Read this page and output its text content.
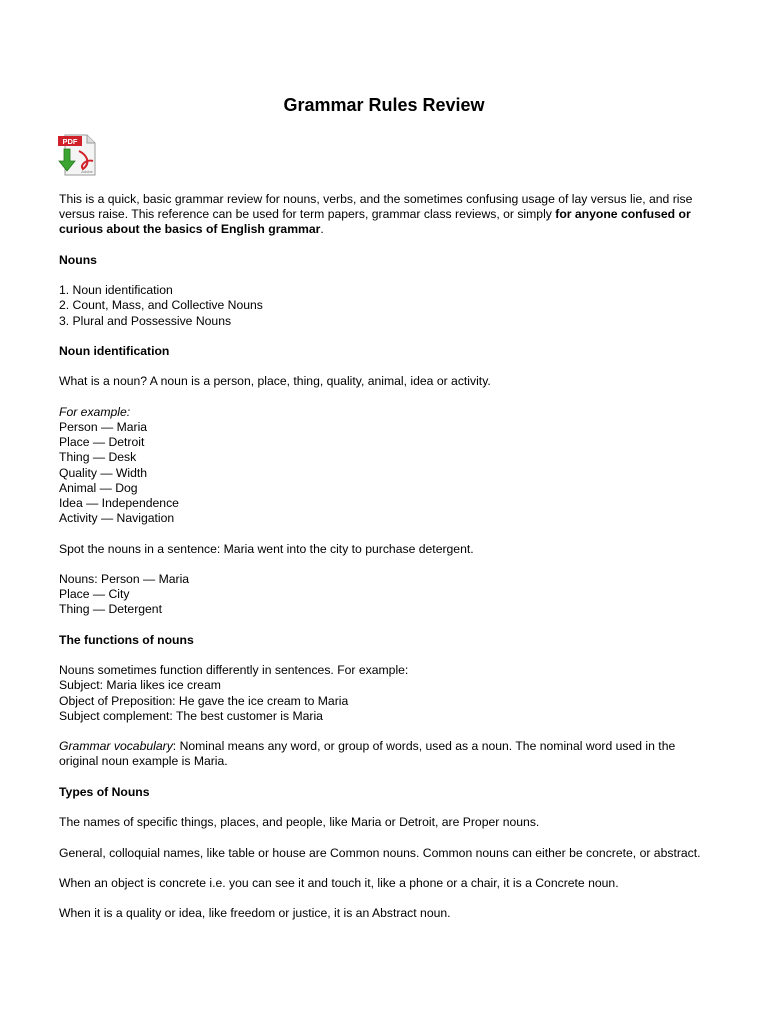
Grammar Rules Review
PDF
Adobe

This is a quick, basic grammar review for nouns, verbs, and the sometimes confusing usage of lay versus lie, and rise versus raise. This reference can be used for term papers, grammar class reviews, or simply for anyone confused or curious about the basics of English grammar.

Nouns

1. Noun identification
2. Count, Mass, and Collective Nouns
3. Plural and Possessive Nouns

Noun identification

What is a noun? A noun is a person, place, thing, quality, animal, idea or activity.

For example:
Person — Maria
Place — Detroit
Thing — Desk
Quality — Width
Animal — Dog
Idea — Independence
Activity — Navigation

Spot the nouns in a sentence: Maria went into the city to purchase detergent.

Nouns: Person — Maria
Place — City
Thing — Detergent

The functions of nouns

Nouns sometimes function differently in sentences. For example:
Subject: Maria likes ice cream
Object of Preposition: He gave the ice cream to Maria
Subject complement: The best customer is Maria

Grammar vocabulary: Nominal means any word, or group of words, used as a noun. The nominal word used in the original noun example is Maria.

Types of Nouns

The names of specific things, places, and people, like Maria or Detroit, are Proper nouns.

General, colloquial names, like table or house are Common nouns. Common nouns can either be concrete, or abstract.

When an object is concrete i.e. you can see it and touch it, like a phone or a chair, it is a Concrete noun.

When it is a quality or idea, like freedom or justice, it is an Abstract noun.
